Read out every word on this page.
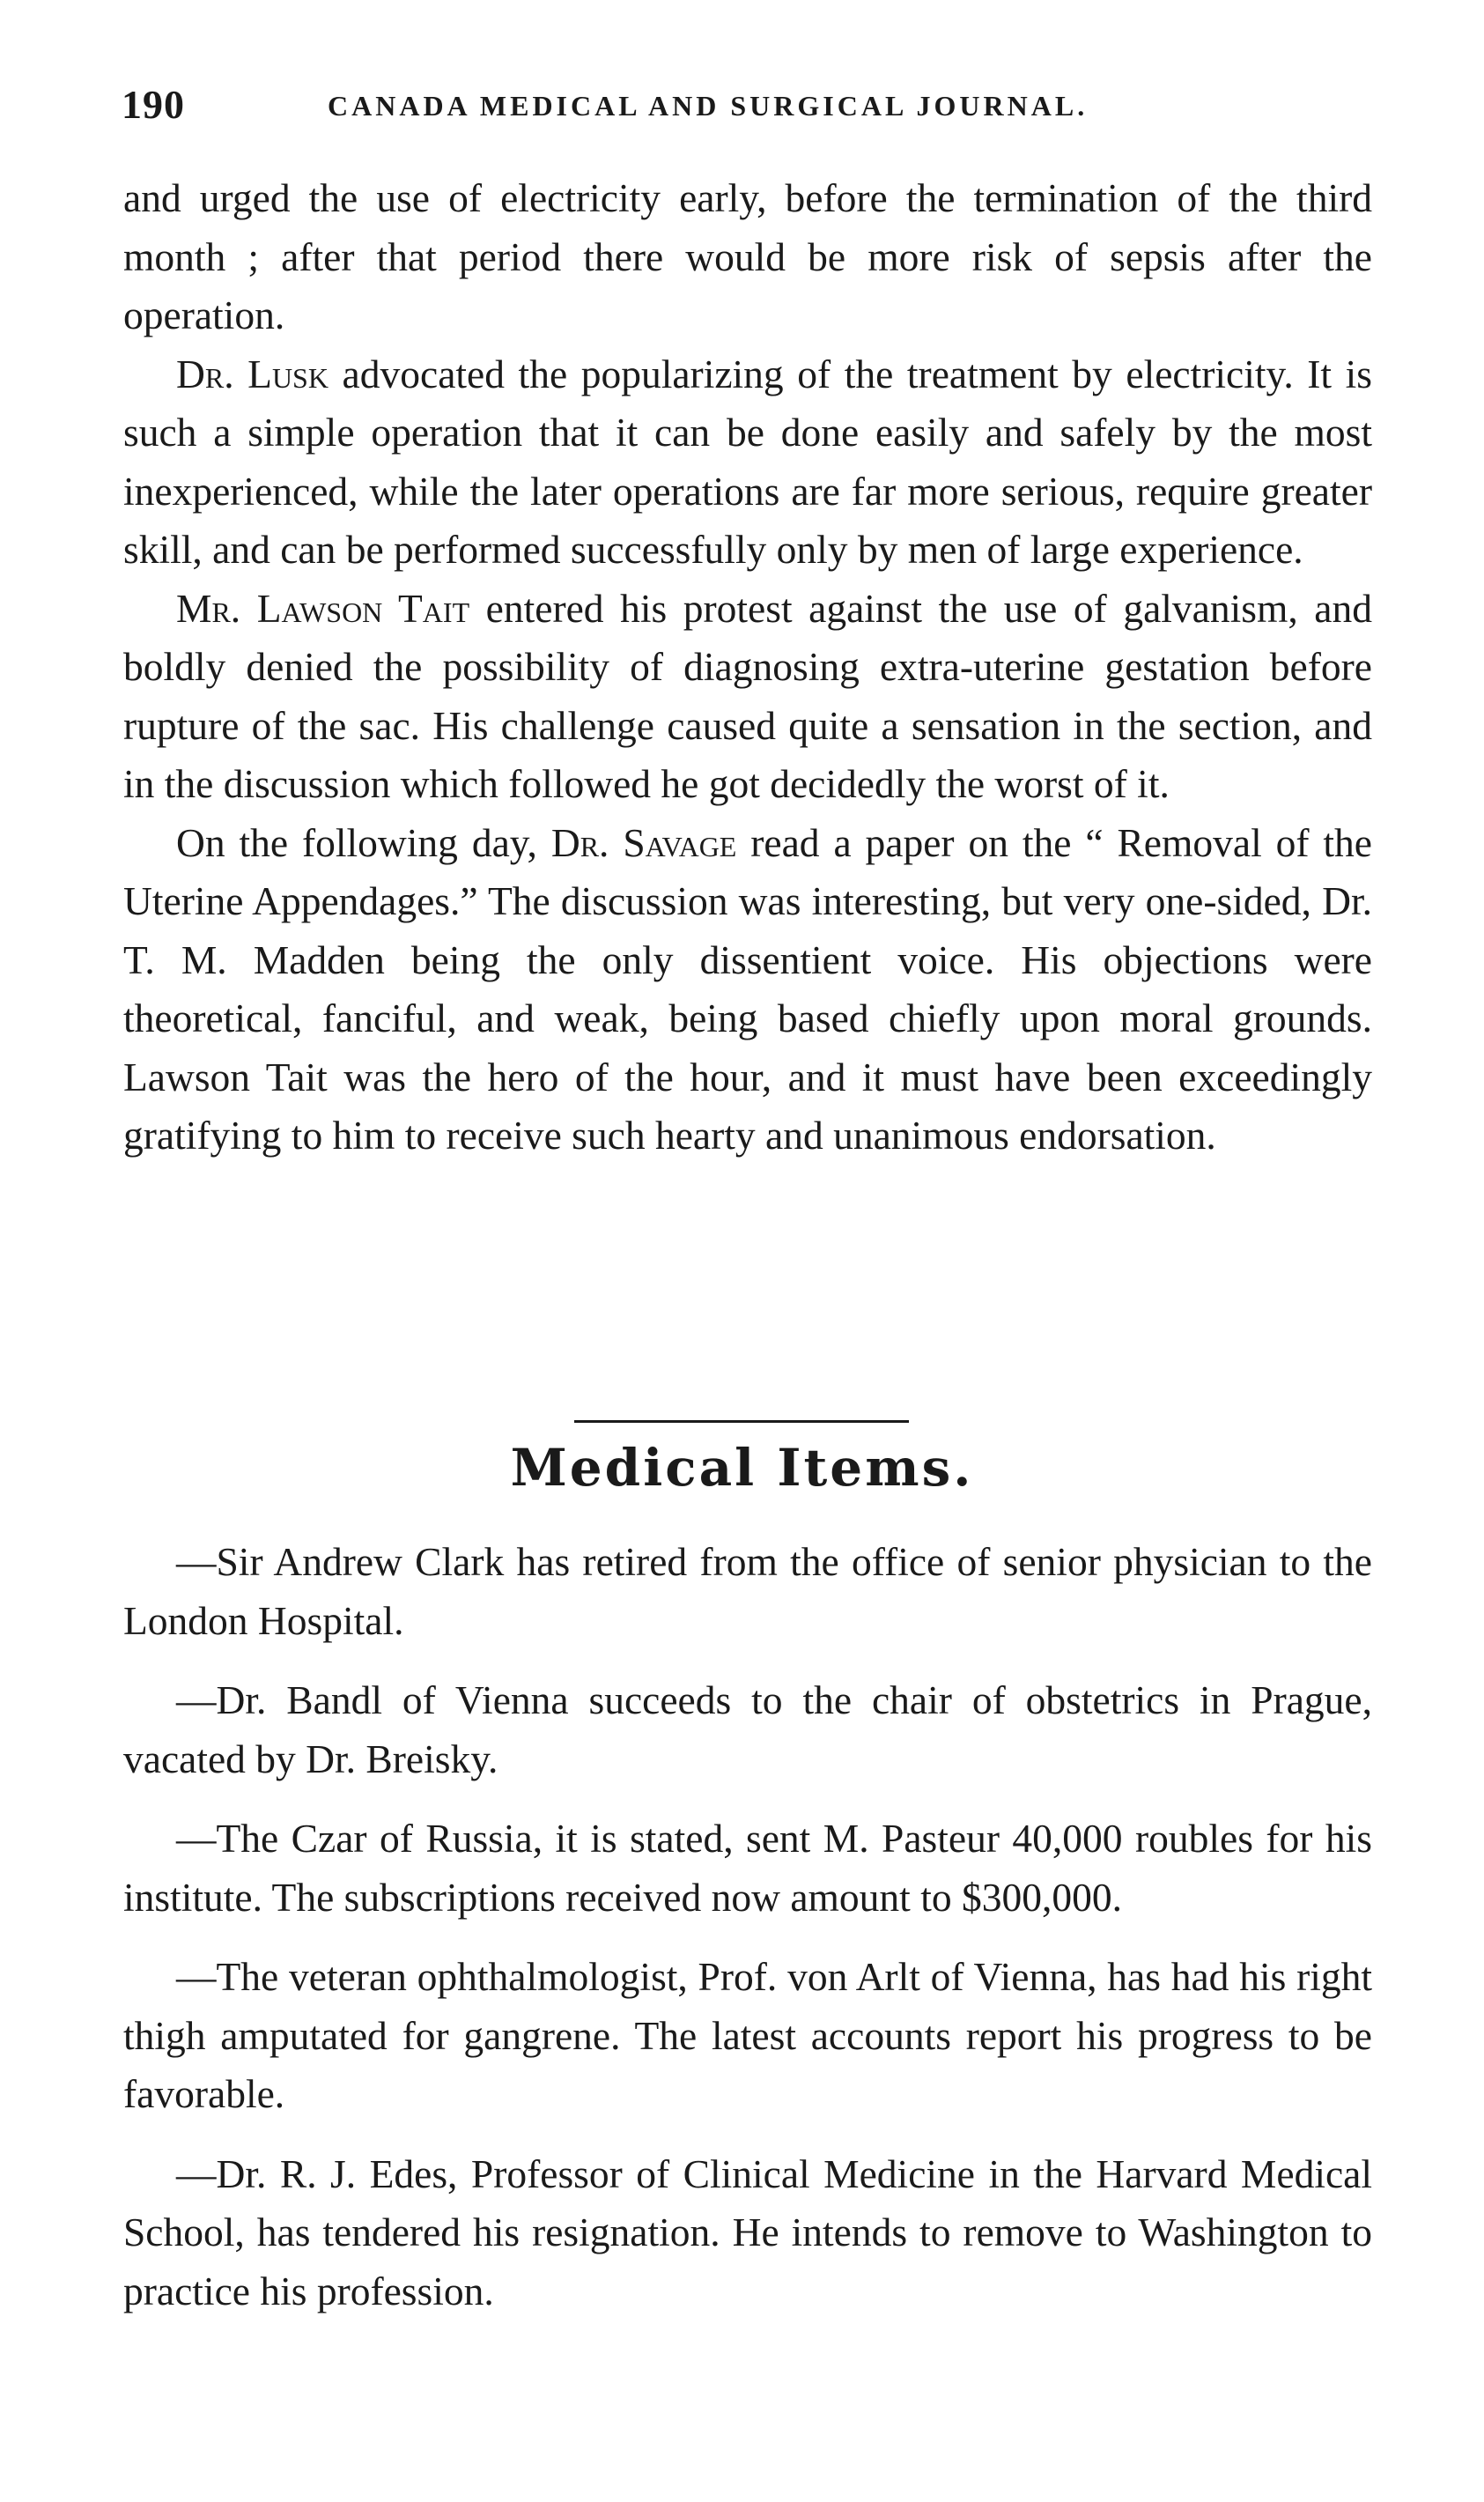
190	CANADA MEDICAL AND SURGICAL JOURNAL.

and urged the use of electricity early, before the termination of the third month ; after that period there would be more risk of sepsis after the operation.

Dr. Lusk advocated the popularizing of the treatment by electricity. It is such a simple operation that it can be done easily and safely by the most inexperienced, while the later operations are far more serious, require greater skill, and can be performed successfully only by men of large experience.

Mr. Lawson Tait entered his protest against the use of galvanism, and boldly denied the possibility of diagnosing extra-uterine gestation before rupture of the sac. His challenge caused quite a sensation in the section, and in the discussion which followed he got decidedly the worst of it.

On the following day, Dr. Savage read a paper on the “ Removal of the Uterine Appendages.” The discussion was interesting, but very one-sided, Dr. T. M. Madden being the only dissentient voice. His objections were theoretical, fanciful, and weak, being based chiefly upon moral grounds. Lawson Tait was the hero of the hour, and it must have been exceedingly gratifying to him to receive such hearty and unanimous endorsation.

Medical Items.

—Sir Andrew Clark has retired from the office of senior physician to the London Hospital.

—Dr. Bandl of Vienna succeeds to the chair of obstetrics in Prague, vacated by Dr. Breisky.

—The Czar of Russia, it is stated, sent M. Pasteur 40,000 roubles for his institute. The subscriptions received now amount to $300,000.

—The veteran ophthalmologist, Prof. von Arlt of Vienna, has had his right thigh amputated for gangrene. The latest accounts report his progress to be favorable.

—Dr. R. J. Edes, Professor of Clinical Medicine in the Harvard Medical School, has tendered his resignation. He intends to remove to Washington to practice his profession.
